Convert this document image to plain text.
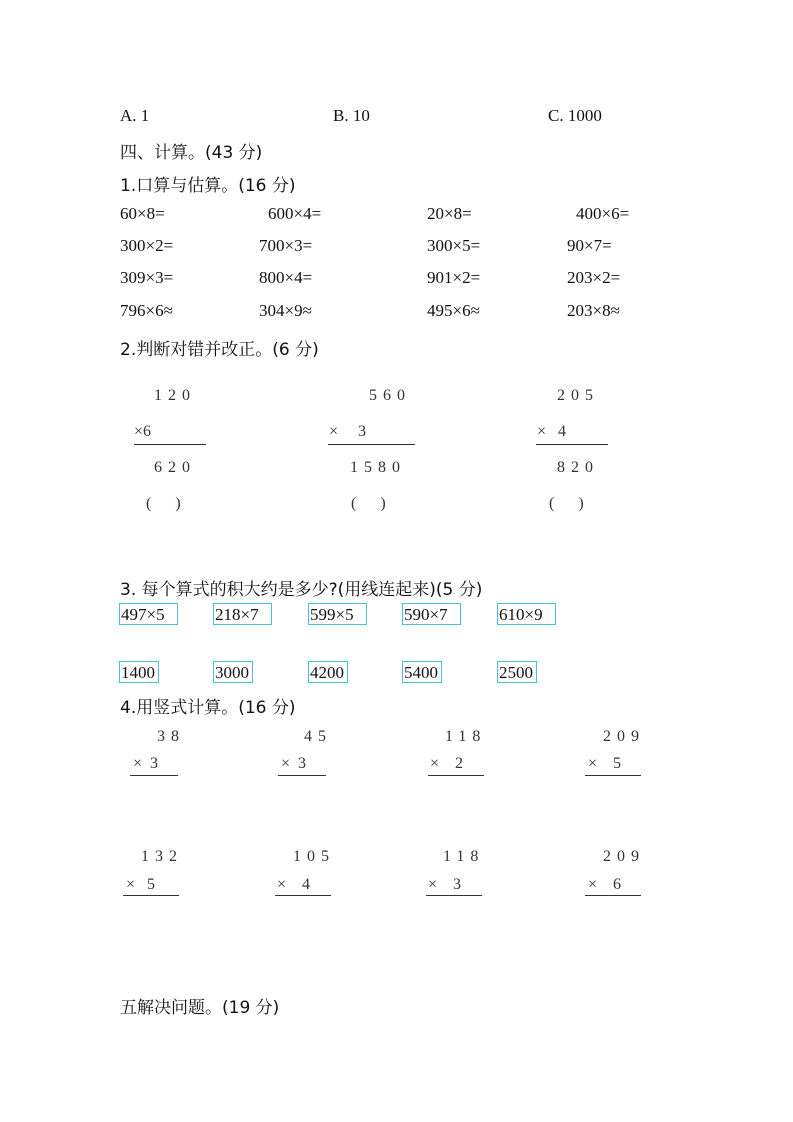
A. 1	B. 10	C. 1000
四、计算。(43 分)
1.口算与估算。(16 分)
60×8=	600×4=	20×8=	400×6=
300×2=	700×3=	300×5=	90×7=
309×3=	800×4=	901×2=	203×2=
796×6≈	304×9≈	495×6≈	203×8≈
2.判断对错并改正。(6 分)
120
×6
620
(      )
560
×     3
1580
(      )
205
×   4
820
(      )
3. 每个算式的积大约是多少?(用线连起来)(5 分)
497×5	218×7	599×5	590×7	610×9
1400	3000	4200	5400	2500
4.用竖式计算。(16 分)
38
×  3
45
×  3
118
×    2
209
×    5
132
×   5
105
×    4
118
×    3
209
×    6
五解决问题。(19 分)
